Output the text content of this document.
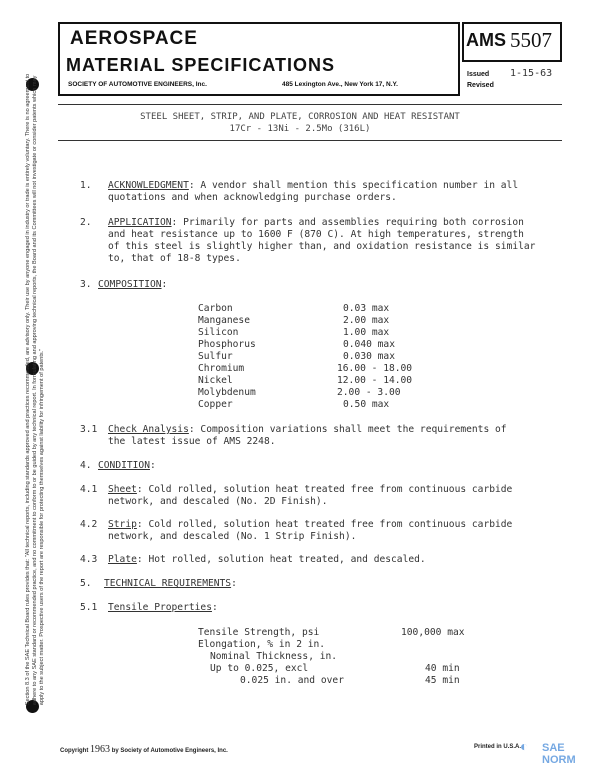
Section 8.3 of the SAE Technical Board rules provides that: "All technical reports, including standards approved and practices recommended, are advisory only. Their use by anyone engaged in industry or trade is entirely voluntary. There is no agreement to adhere to any SAE standard or recommended practice, and no commitment to conform to or be guided by any technical report. In formulating and approving technical reports, the Board and its Committees will not investigate or consider patents which may apply to the subject matter. Prospective users of the report are responsible for protecting themselves against liability for infringement of patents."
AEROSPACE
MATERIAL SPECIFICATIONS
SOCIETY OF AUTOMOTIVE ENGINEERS, Inc.	485 Lexington Ave., New York 17, N.Y.
AMS 5507
Issued 1-15-63
Revised
STEEL SHEET, STRIP, AND PLATE, CORROSION AND HEAT RESISTANT
17Cr - 13Ni - 2.5Mo (316L)
1. ACKNOWLEDGMENT: A vendor shall mention this specification number in all
quotations and when acknowledging purchase orders.
2. APPLICATION: Primarily for parts and assemblies requiring both corrosion
and heat resistance up to 1600 F (870 C). At high temperatures, strength
of this steel is slightly higher than, and oxidation resistance is similar
to, that of 18-8 types.
3. COMPOSITION:
Carbon	0.03 max
Manganese	2.00 max
Silicon	1.00 max
Phosphorus	0.040 max
Sulfur	0.030 max
Chromium	16.00 - 18.00
Nickel	12.00 - 14.00
Molybdenum	2.00 - 3.00
Copper	0.50 max
3.1 Check Analysis: Composition variations shall meet the requirements of
the latest issue of AMS 2248.
4. CONDITION:
4.1 Sheet: Cold rolled, solution heat treated free from continuous carbide
network, and descaled (No. 2D Finish).
4.2 Strip: Cold rolled, solution heat treated free from continuous carbide
network, and descaled (No. 1 Strip Finish).
4.3 Plate: Hot rolled, solution heat treated, and descaled.
5. TECHNICAL REQUIREMENTS:
5.1 Tensile Properties:
Tensile Strength, psi	100,000 max
Elongation, % in 2 in.
Nominal Thickness, in.
Up to 0.025, excl	40 min
0.025 in. and over	45 min
Copyright 1963 by Society of Automotive Engineers, Inc.
Printed in U.S.A.
◐ SAE NORM
